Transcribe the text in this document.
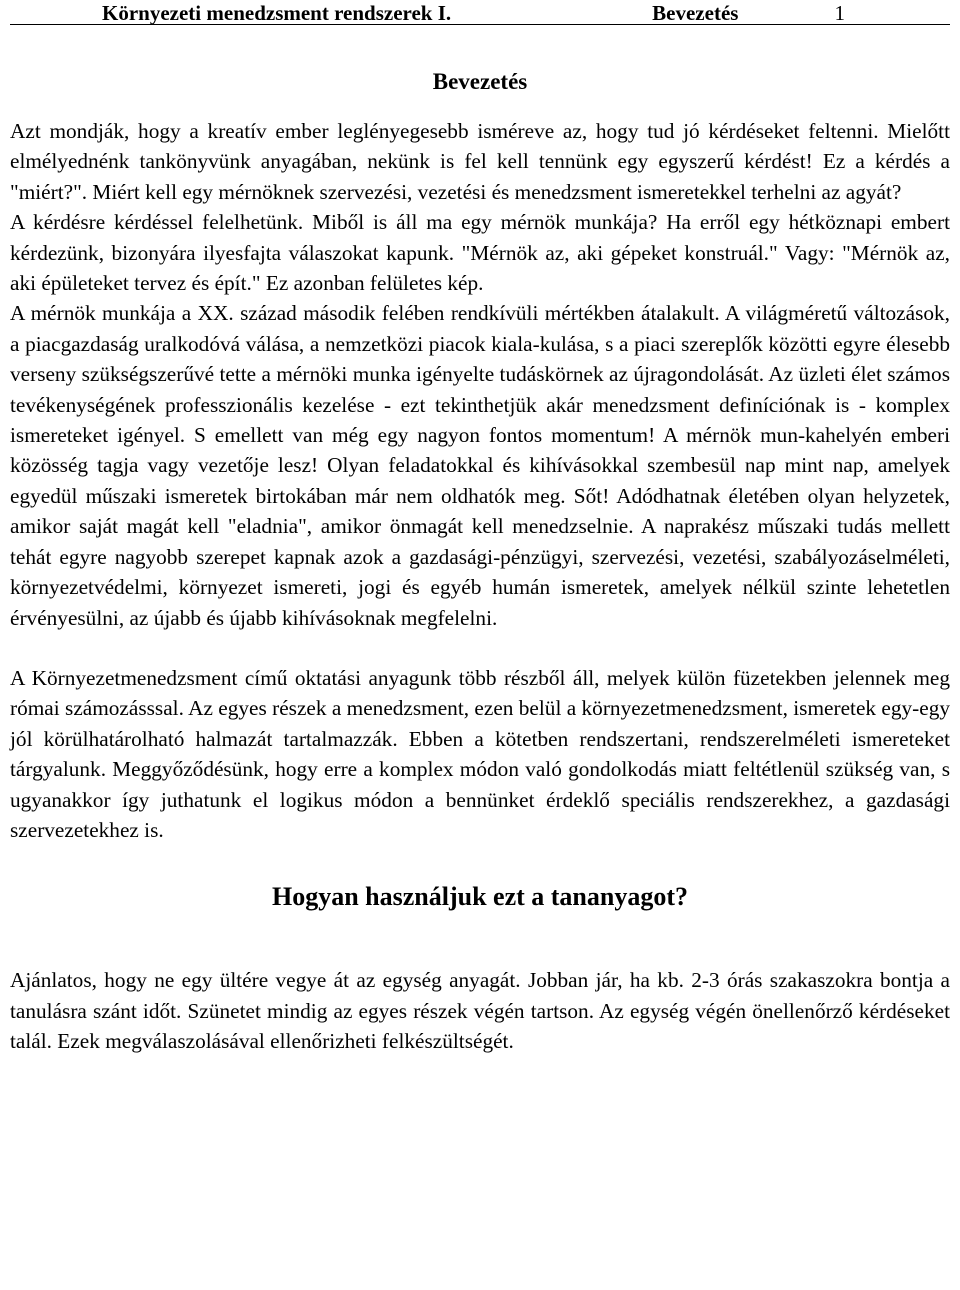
Környezeti menedzsment rendszerek I.	Bevezetés	1
Bevezetés

Azt mondják, hogy a kreatív ember leglényegesebb isméreve az, hogy tud jó kérdéseket feltenni. Mielőtt elmélyednénk tankönyvünk anyagában, nekünk is fel kell tennünk egy egyszerű kérdést! Ez a kérdés a "miért?". Miért kell egy mérnöknek szervezési, vezetési és menedzsment ismeretekkel terhelni az agyát?

A kérdésre kérdéssel felelhetünk. Miből is áll ma egy mérnök munkája? Ha erről egy hétköznapi embert kérdezünk, bizonyára ilyesfajta válaszokat kapunk. "Mérnök az, aki gépeket konstruál." Vagy: "Mérnök az, aki épületeket tervez és épít." Ez azonban felületes kép.

A mérnök munkája a XX. század második felében rendkívüli mértékben átalakult. A világméretű változások, a piacgazdaság uralkodóvá válása, a nemzetközi piacok kiala-kulása, s a piaci szereplők közötti egyre élesebb verseny szükségszerűvé tette a mérnöki munka igényelte tudáskörnek az újragondolását. Az üzleti élet számos tevékenységének professzionális kezelése - ezt tekinthetjük akár menedzsment definíciónak is - komplex ismereteket igényel. S emellett van még egy nagyon fontos momentum! A mérnök mun-kahelyén emberi közösség tagja vagy vezetője lesz! Olyan feladatokkal és kihívásokkal szembesül nap mint nap, amelyek egyedül műszaki ismeretek birtokában már nem oldhatók meg. Sőt! Adódhatnak életében olyan helyzetek, amikor saját magát kell "eladnia", amikor önmagát kell menedzselnie. A naprakész műszaki tudás mellett tehát egyre nagyobb szerepet kapnak azok a gazdasági-pénzügyi, szervezési, vezetési, szabályozáselméleti, környezetvédelmi, környezet ismereti, jogi és egyéb humán ismeretek, amelyek nélkül szinte lehetetlen érvényesülni, az újabb és újabb kihívásoknak megfelelni.

A Környezetmenedzsment című oktatási anyagunk több részből áll, melyek külön füzetekben jelennek meg római számozásssal. Az egyes részek a menedzsment, ezen belül a környezetmenedzsment, ismeretek egy-egy jól körülhatárolható halmazát tartalmazzák. Ebben a kötetben rendszertani, rendszerelméleti ismereteket tárgyalunk. Meggyőződésünk, hogy erre a komplex módon való gondolkodás miatt feltétlenül szükség van, s ugyanakkor így juthatunk el logikus módon a bennünket érdeklő speciális rendszerekhez, a gazdasági szervezetekhez is.

Hogyan használjuk ezt a tananyagot?

Ajánlatos, hogy ne egy ültére vegye át az egység anyagát. Jobban jár, ha kb. 2-3 órás szakaszokra bontja a tanulásra szánt időt. Szünetet mindig az egyes részek végén tartson. Az egység végén önellenőrző kérdéseket talál. Ezek megválaszolásával ellenőrizheti felkészültségét.
